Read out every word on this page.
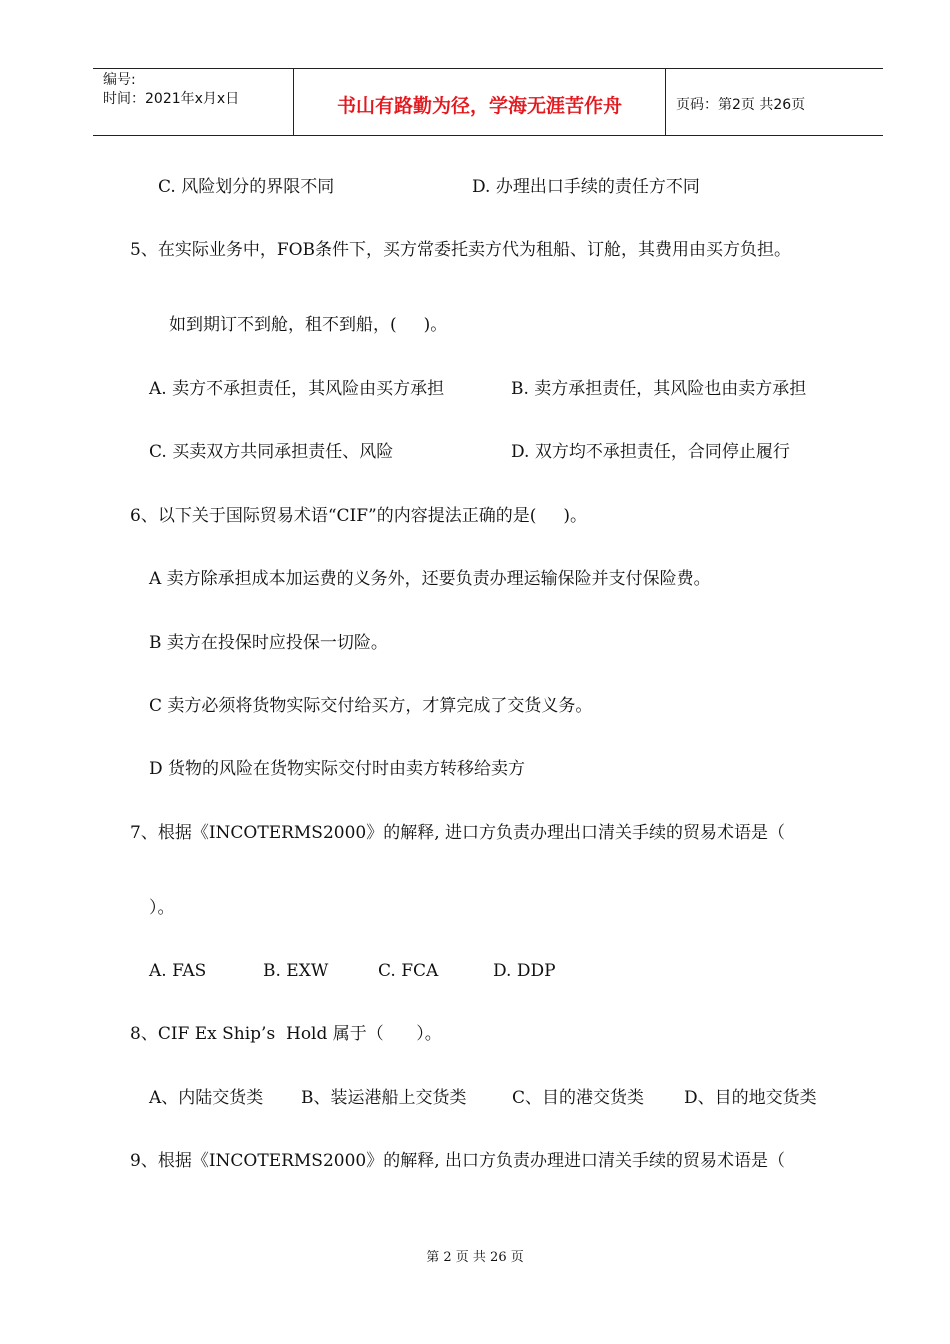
编号:
时间：2021年x月x日	书山有路勤为径，学海无涯苦作舟	页码：第2页 共26页
C. 风险划分的界限不同	D. 办理出口手续的责任方不同
5、在实际业务中，FOB条件下，买方常委托卖方代为租船、订舱，其费用由买方负担。
如到期订不到舱，租不到船，(     )。
A. 卖方不承担责任，其风险由买方承担	B. 卖方承担责任，其风险也由卖方承担
C. 买卖双方共同承担责任、风险	D. 双方均不承担责任，合同停止履行
6、以下关于国际贸易术语“CIF”的内容提法正确的是(     )。
A 卖方除承担成本加运费的义务外，还要负责办理运输保险并支付保险费。
B 卖方在投保时应投保一切险。
C 卖方必须将货物实际交付给买方，才算完成了交货义务。
D 货物的风险在货物实际交付时由卖方转移给卖方
7、根据《INCOTERMS2000》的解释, 进口方负责办理出口清关手续的贸易术语是（
）。
A. FAS	B. EXW	C. FCA	D. DDP
8、CIF Ex Ship’s  Hold 属于（      ）。
A、内陆交货类 B、装运港船上交货类	C、目的港交货类 D、目的地交货类
9、根据《INCOTERMS2000》的解释, 出口方负责办理进口清关手续的贸易术语是（
第 2 页 共 26 页
